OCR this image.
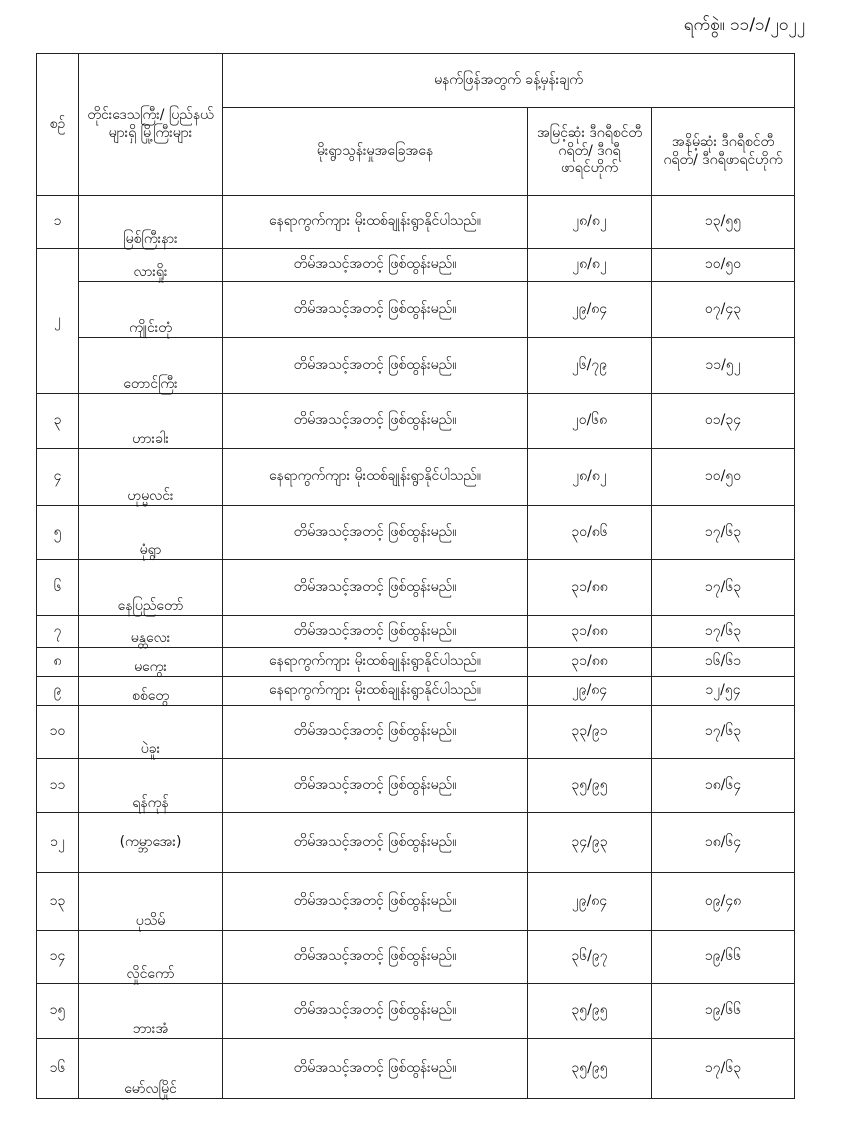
ရက်စွဲ။ ၁၁/၁/၂၀၂၂
စဉ်	တိုင်းဒေသကြီး/ ပြည်နယ်များရှိ မြို့ကြီးများ	မနက်ဖြန်အတွက် ခန့်မှန်းချက်		
		မိုးရွာသွန်းမှုအခြေအနေ	အမြင့်ဆုံး ဒီဂရီစင်တီဂရိတ်/ ဒီဂရီဖာရင်ဟိုက်	အနိမ့်ဆုံး ဒီဂရီစင်တီဂရိတ်/ ဒီဂရီဖာရင်ဟိုက်
၁	မြစ်ကြီးနား	နေရာကွက်ကျား မိုးထစ်ချုန်းရွာနိုင်ပါသည်။	၂၈/၈၂	၁၃/၅၅
၂	လားရှိုး	တိမ်အသင့်အတင့် ဖြစ်ထွန်းမည်။	၂၈/၈၂	၁၀/၅၀
	ကျိုင်းတုံ	တိမ်အသင့်အတင့် ဖြစ်ထွန်းမည်။	၂၉/၈၄	၀၇/၄၃
	တောင်ကြီး	တိမ်အသင့်အတင့် ဖြစ်ထွန်းမည်။	၂၆/၇၉	၁၁/၅၂
၃	ဟားခါး	တိမ်အသင့်အတင့် ဖြစ်ထွန်းမည်။	၂၀/၆၈	၀၁/၃၄
၄	ဟုမ္မလင်း	နေရာကွက်ကျား မိုးထစ်ချုန်းရွာနိုင်ပါသည်။	၂၈/၈၂	၁၀/၅၀
၅	မုံရွာ	တိမ်အသင့်အတင့် ဖြစ်ထွန်းမည်။	၃၀/၈၆	၁၇/၆၃
၆	နေပြည်တော်	တိမ်အသင့်အတင့် ဖြစ်ထွန်းမည်။	၃၁/၈၈	၁၇/၆၃
၇	မန္တလေး	တိမ်အသင့်အတင့် ဖြစ်ထွန်းမည်။	၃၁/၈၈	၁၇/၆၃
၈	မကွေး	နေရာကွက်ကျား မိုးထစ်ချုန်းရွာနိုင်ပါသည်။	၃၁/၈၈	၁၆/၆၁
၉	စစ်တွေ	နေရာကွက်ကျား မိုးထစ်ချုန်းရွာနိုင်ပါသည်။	၂၉/၈၄	၁၂/၅၄
၁၀	ပဲခူး	တိမ်အသင့်အတင့် ဖြစ်ထွန်းမည်။	၃၃/၉၁	၁၇/၆၃
၁၁	ရန်ကုန်	တိမ်အသင့်အတင့် ဖြစ်ထွန်းမည်။	၃၅/၉၅	၁၈/၆၄
၁၂	(ကမ္ဘာအေး)	တိမ်အသင့်အတင့် ဖြစ်ထွန်းမည်။	၃၄/၉၃	၁၈/၆၄
၁၃	ပုသိမ်	တိမ်အသင့်အတင့် ဖြစ်ထွန်းမည်။	၂၉/၈၄	၀၉/၄၈
၁၄	လှိုင်ကော်	တိမ်အသင့်အတင့် ဖြစ်ထွန်းမည်။	၃၆/၉၇	၁၉/၆၆
၁၅	ဘားအံ	တိမ်အသင့်အတင့် ဖြစ်ထွန်းမည်။	၃၅/၉၅	၁၉/၆၆
၁၆	မော်လမြိုင်	တိမ်အသင့်အတင့် ဖြစ်ထွန်းမည်။	၃၅/၉၅	၁၇/၆၃
